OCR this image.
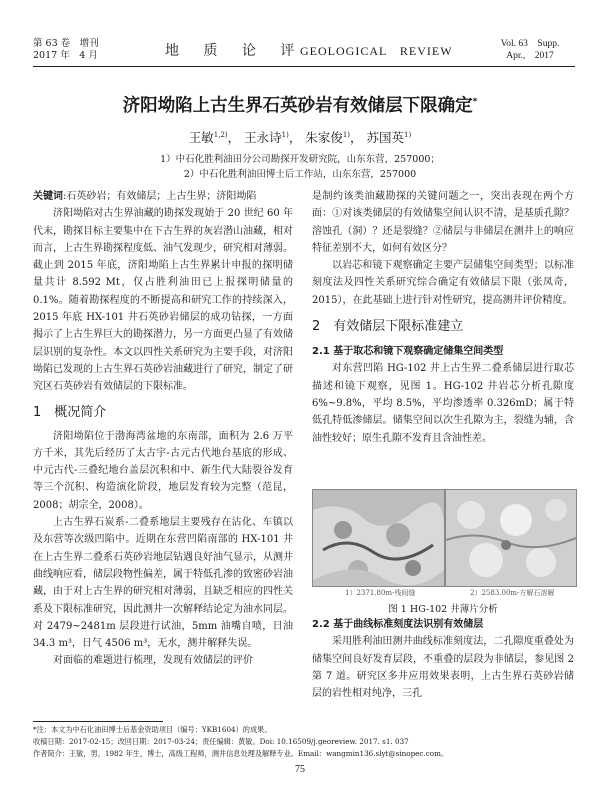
第 63 卷　增刊
2017 年　4 月	地 质 论 评
GEOLOGICAL　REVIEW	Vol. 63　Supp.
Apr.,　2017
济阳坳陷上古生界石英砂岩有效储层下限确定*
王敏$^{1,2)}$， 王永诗$^{1)}$， 朱家俊$^{1)}$， 苏国英$^{1)}$
1）中石化胜利油田分公司勘探开发研究院，山东东营，257000；
2）中石化胜利油田博士后工作站，山东东营，257000

关键词:石英砂岩；有效储层；上古生界；济阳坳陷

济阳坳陷对古生界油藏的勘探发现始于 20 世纪 60 年代末，勘探目标主要集中在下古生界的灰岩潜山油藏，相对而言，上古生界勘探程度低、油气发现少，研究相对薄弱。截止到 2015 年底，济阳坳陷上古生界累计申报的探明储量共计 8.592 Mt，仅占胜利油田已上报探明储量的 0.1%。随着勘探程度的不断提高和研究工作的持续深入，2015 年底 HX-101 井石英砂岩储层的成功钻探，一方面揭示了上古生界巨大的勘探潜力，另一方面更凸显了有效储层识别的复杂性。本文以四性关系研究为主要手段，对济阳坳陷已发现的上古生界石英砂岩油藏进行了研究，制定了研究区石英砂岩有效储层的下限标准。

1　概况简介

济阳坳陷位于渤海湾盆地的东南部，面积为 2.6 万平方千米，其先后经历了太古宇-古元古代地台基底的形成、中元古代-三叠纪地台盖层沉积和中、新生代大陆裂谷发育等三个沉积、构造演化阶段，地层发育较为完整（范昆，2008；胡宗全，2008）。

上古生界石炭系-二叠系地层主要残存在沾化、车镇以及东营等次级凹陷中。近期在东营凹陷南部的 HX-101 井在上古生界二叠系石英砂岩地层钻遇良好油气显示，从测井曲线响应看，储层段物性偏差，属于特低孔渗的致密砂岩油藏，由于对上古生界的研究相对薄弱，且缺乏相应的四性关系及下限标准研究，因此测井一次解释结论定为油水同层。对 2479~2481m 层段进行试油，5mm 油嘴自喷，日油 34.3 m³，日气 4506 m³，无水，测井解释失误。

对面临的难题进行梳理，发现有效储层的评价

是制约该类油藏勘探的关键问题之一，突出表现在两个方面：①对该类储层的有效储集空间认识不清，是基质孔隙？溶蚀孔（洞）？还是裂缝？②储层与非储层在测井上的响应特征差别不大，如何有效区分？

以岩芯和镜下观察确定主要产层储集空间类型；以标准刻度法及四性关系研究综合确定有效储层下限（张凤奇，2015），在此基础上进行针对性研究，提高测井评价精度。

2　有效储层下限标准建立
2.1 基于取芯和镜下观察确定储集空间类型

对东营凹陷 HG-102 井上古生界二叠系储层进行取芯描述和镜下观察，见图 1。HG-102 井岩芯分析孔隙度 6%~9.8%，平均 8.5%，平均渗透率 0.326mD；属于特低孔特低渗储层。储集空间以次生孔隙为主，裂缝为辅，含油性较好；原生孔隙不发育且含油性差。

1）2371.80m-残间缝	2）2583.00m-方解石溶解
图 1 HG-102 井薄片分析
2.2 基于曲线标准刻度法识别有效储层

采用胜利油田测井曲线标准刻度法，二孔隙度重叠处为储集空间良好发育层段，不重叠的层段为非储层，参见图 2 第 7 道。研究区多井应用效果表明，上古生界石英砂岩储层的岩性相对纯净，三孔

*注：本文为中石化油田博士后基金资助项目（编号：YKB1604）的成果。
收稿日期：2017-02-15；改回日期：2017-03-24；责任编辑：黄敏。Doi: 10.16509/j.georeview. 2017. s1. 037
作者简介：王敏，男，1982 年生，博士，高级工程师，测井信息处理及解释专业。Email：wangmin136.slyt@sinopec.com。
75
